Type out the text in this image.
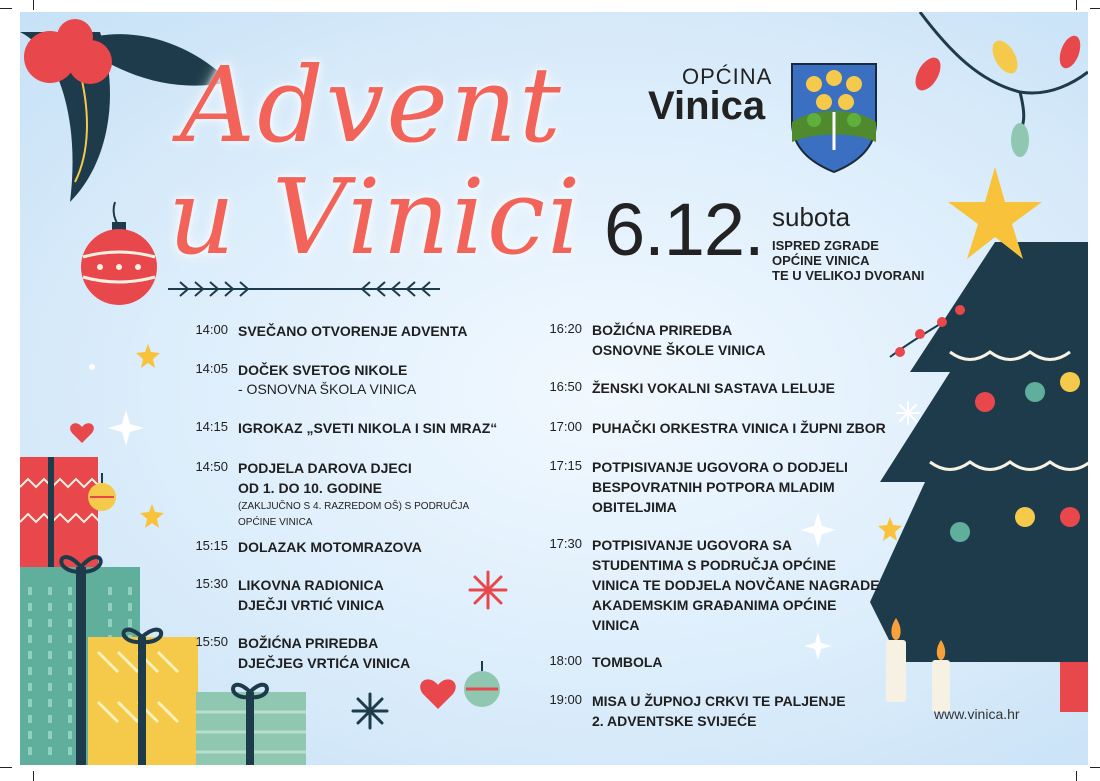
Advent
u Vinici
OPĆINA
Vinica
6.12. subota
ISPRED ZGRADE
OPĆINE VINICA
TE U VELIKOJ DVORANI
14:00 SVEČANO OTVORENJE ADVENTA
14:05 DOČEK SVETOG NIKOLE
- OSNOVNA ŠKOLA VINICA
14:15 IGROKAZ „SVETI NIKOLA I SIN MRAZ“
14:50 PODJELA DAROVA DJECI
OD 1. DO 10. GODINE
(ZAKLJUČNO S 4. RAZREDOM OŠ) S PODRUČJA
OPĆINE VINICA
15:15 DOLAZAK MOTOMRAZOVA
15:30 LIKOVNA RADIONICA
DJEČJI VRTIĆ VINICA
15:50 BOŽIĆNA PRIREDBA
DJEČJEG VRTIĆA VINICA
16:20 BOŽIĆNA PRIREDBA
OSNOVNE ŠKOLE VINICA
16:50 ŽENSKI VOKALNI SASTAVA LELUJE
17:00 PUHAČKI ORKESTRA VINICA I ŽUPNI ZBOR
17:15 POTPISIVANJE UGOVORA O DODJELI
BESPOVRATNIH POTPORA MLADIM
OBITELJIMA
17:30 POTPISIVANJE UGOVORA SA
STUDENTIMA S PODRUČJA OPĆINE
VINICA TE DODJELA NOVČANE NAGRADE
AKADEMSKIM GRAĐANIMA OPĆINE
VINICA
18:00 TOMBOLA
19:00 MISA U ŽUPNOJ CRKVI TE PALJENJE
2. ADVENTSKE SVIJEĆE	www.vinica.hr
